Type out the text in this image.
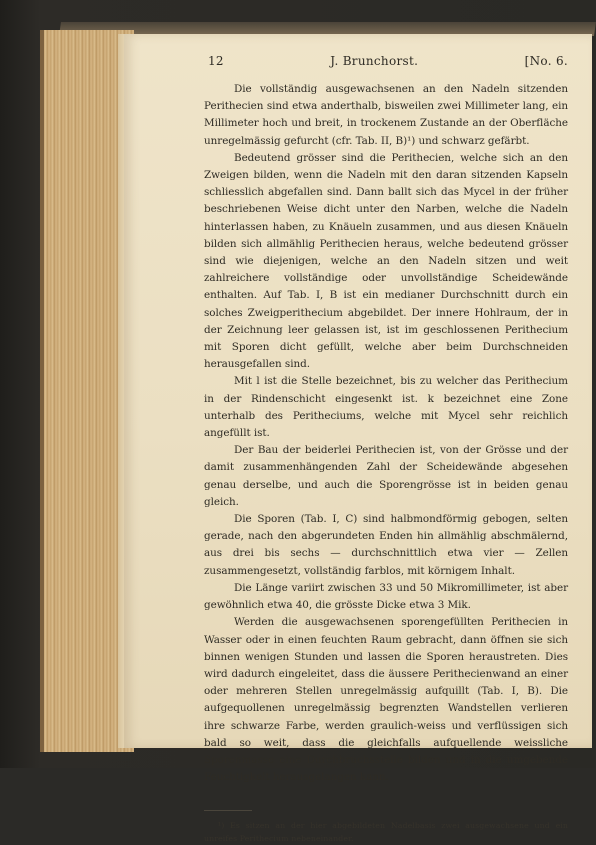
12	J. Brunchorst.	[No. 6.

Die vollständig ausgewachsenen an den Nadeln sitzenden Perithecien sind etwa anderthalb, bisweilen zwei Millimeter lang, ein Millimeter hoch und breit, in trockenem Zustande an der Oberfläche unregelmässig gefurcht (cfr. Tab. II, B)¹) und schwarz gefärbt.

Bedeutend grösser sind die Perithecien, welche sich an den Zweigen bilden, wenn die Nadeln mit den daran sitzenden Kapseln schliesslich abgefallen sind. Dann ballt sich das Mycel in der früher beschriebenen Weise dicht unter den Narben, welche die Nadeln hinterlassen haben, zu Knäueln zusammen, und aus diesen Knäueln bilden sich allmählig Perithecien heraus, welche bedeutend grösser sind wie diejenigen, welche an den Nadeln sitzen und weit zahlreichere vollständige oder unvollständige Scheidewände enthalten. Auf Tab. I, B ist ein medianer Durchschnitt durch ein solches Zweigperithecium abgebildet. Der innere Hohlraum, der in der Zeichnung leer gelassen ist, ist im geschlossenen Perithecium mit Sporen dicht gefüllt, welche aber beim Durchschneiden herausgefallen sind.

Mit l ist die Stelle bezeichnet, bis zu welcher das Perithecium in der Rindenschicht eingesenkt ist. k bezeichnet eine Zone unterhalb des Peritheciums, welche mit Mycel sehr reichlich angefüllt ist.

Der Bau der beiderlei Perithecien ist, von der Grösse und der damit zusammenhängenden Zahl der Scheidewände abgesehen genau derselbe, und auch die Sporengrösse ist in beiden genau gleich.

Die Sporen (Tab. I, C) sind halbmondförmig gebogen, selten gerade, nach den abgerundeten Enden hin allmählig abschmälernd, aus drei bis sechs — durchschnittlich etwa vier — Zellen zusammengesetzt, vollständig farblos, mit körnigem Inhalt.

Die Länge variirt zwischen 33 und 50 Mikromillimeter, ist aber gewöhnlich etwa 40, die grösste Dicke etwa 3 Mik.

Werden die ausgewachsenen sporengefüllten Perithecien in Wasser oder in einen feuchten Raum gebracht, dann öffnen sie sich binnen wenigen Stunden und lassen die Sporen heraustreten. Dies wird dadurch eingeleitet, dass die äussere Perithecienwand an einer oder mehreren Stellen unregelmässig aufquillt (Tab. I, B). Die aufgequollenen unregelmässig begrenzten Wandstellen verlieren ihre schwarze Farbe, werden graulich-weiss und verflüssigen sich bald so weit, dass die gleichfalls aufquellende weissliche Sporenmasse eine Durchbruchsstelle bilden und in die umgebende Feuchtigkeit herausgelangen kann.

¹) Es sitzen an der hier abgebildeten Nadelbasis zwei ausgewachsene und ein unreifes Perithecium nebeneinander.
